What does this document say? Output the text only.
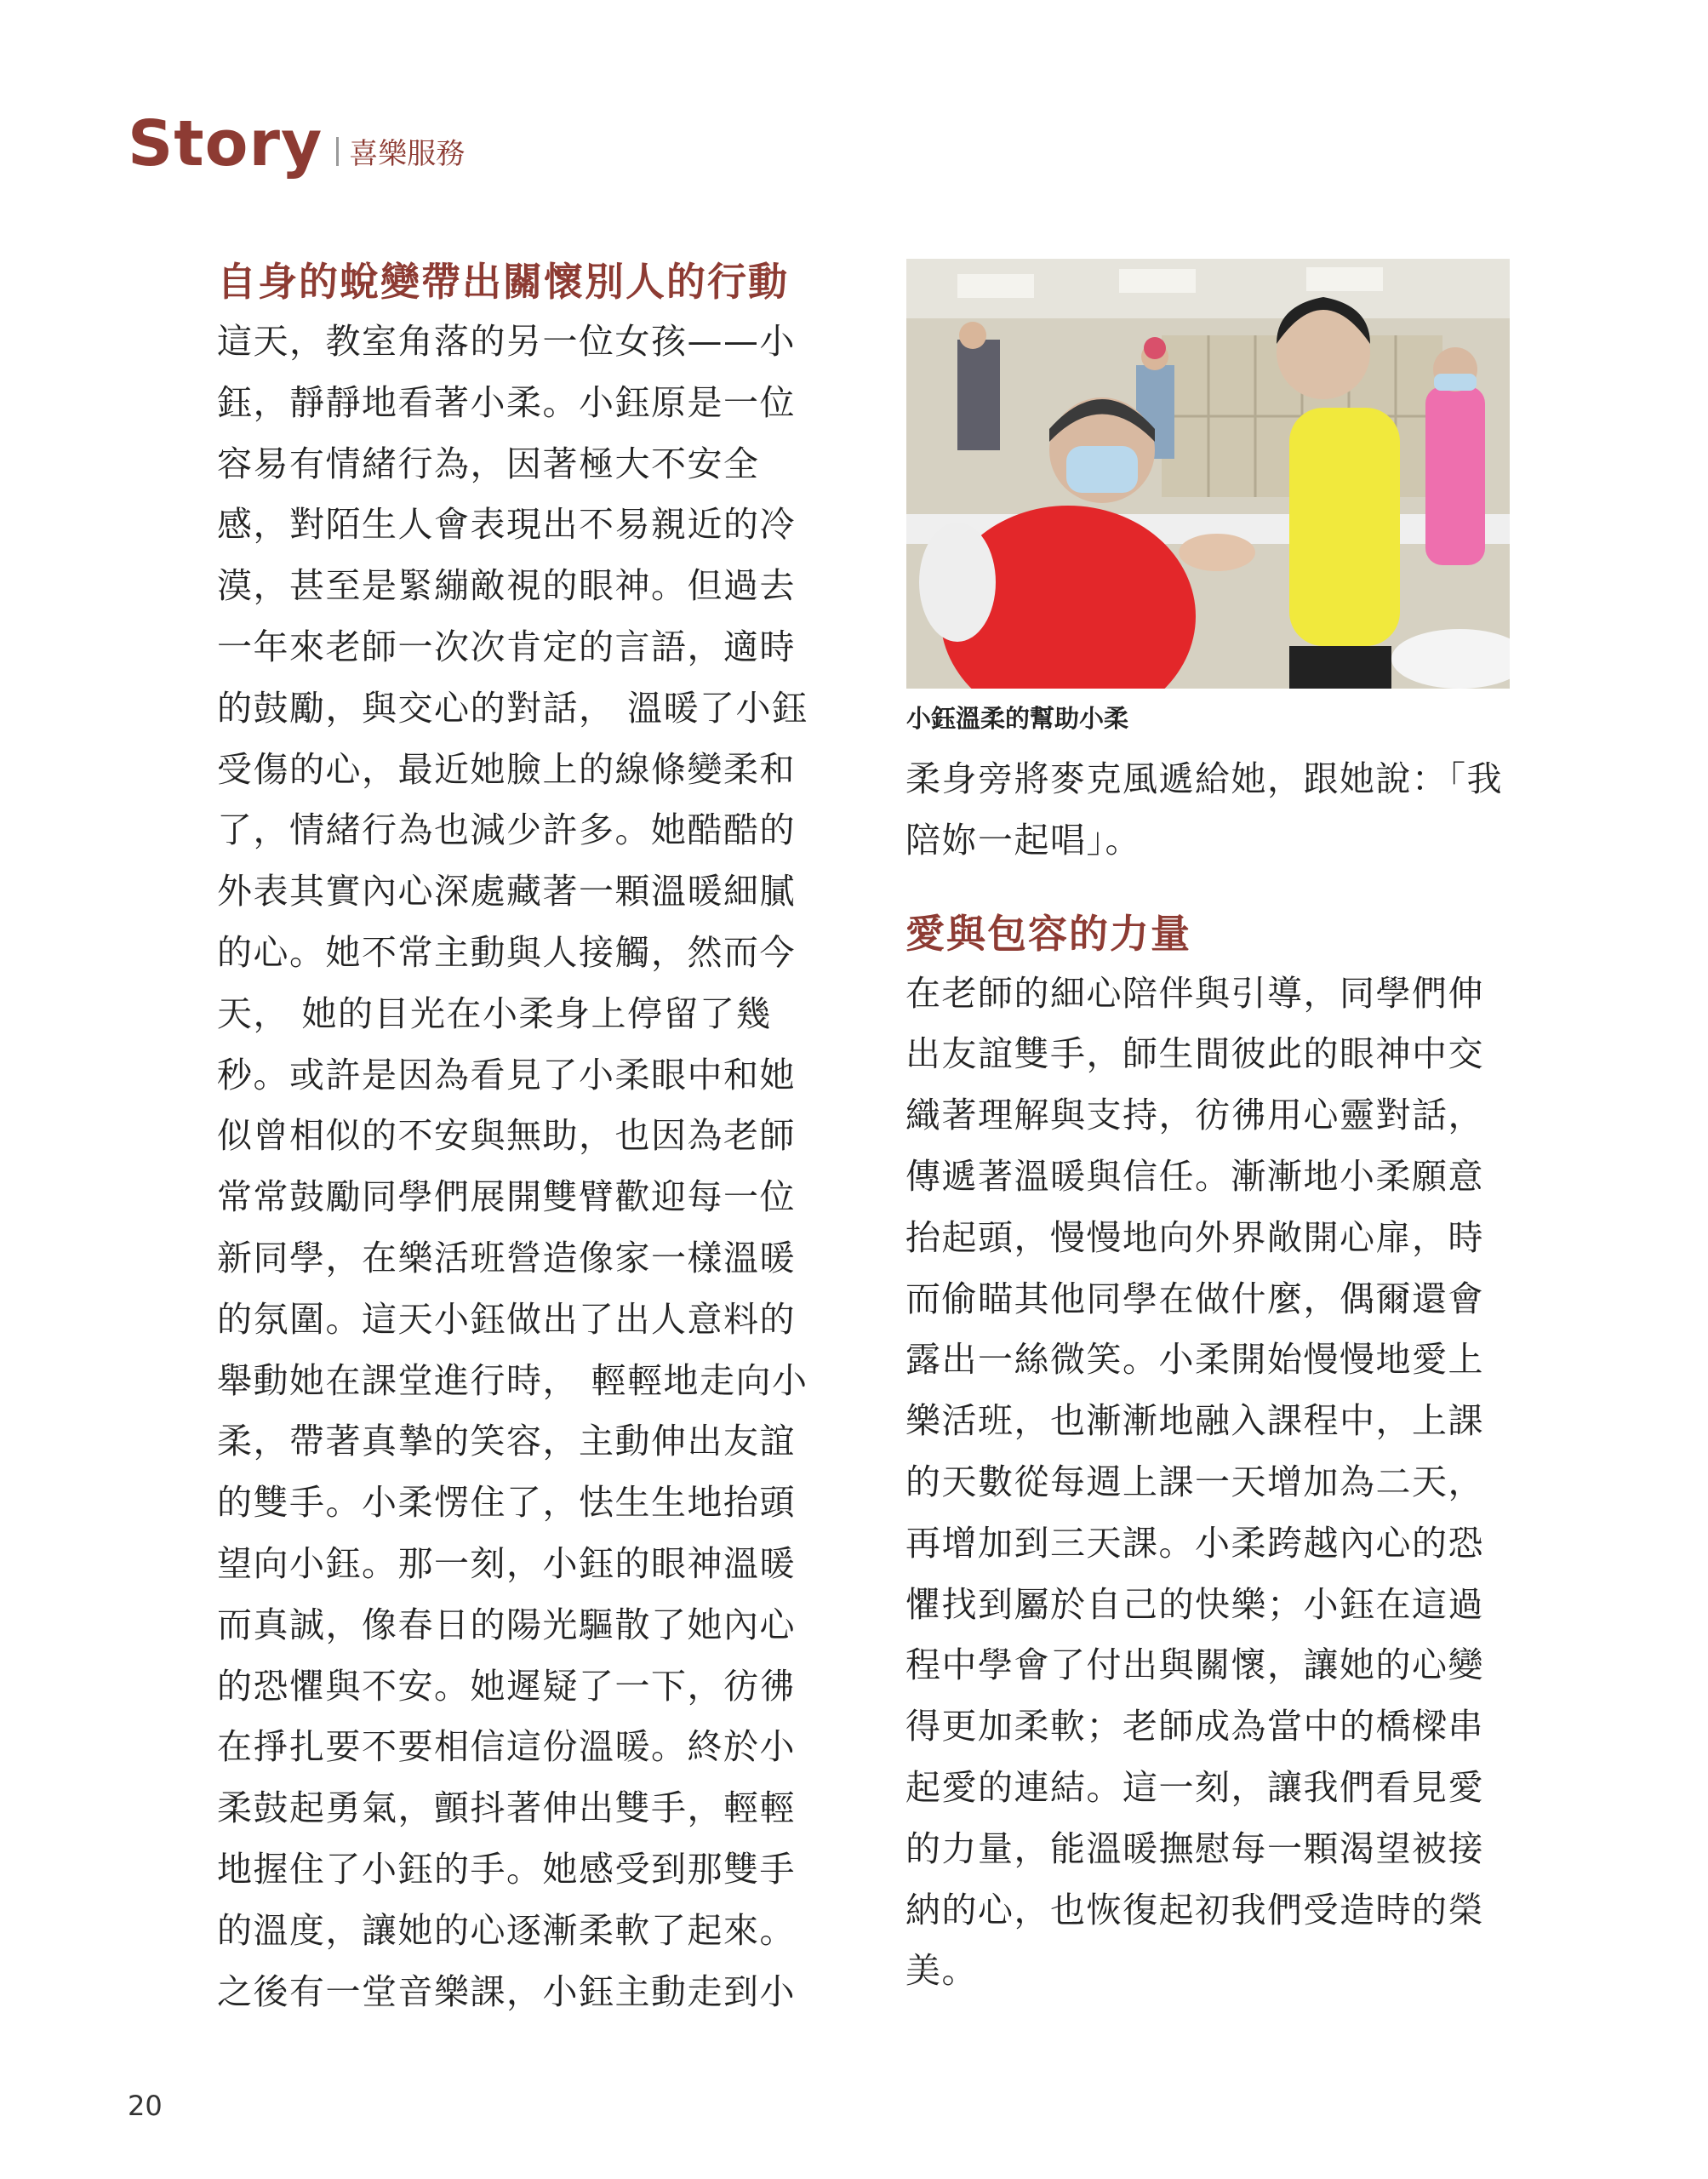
Story 喜樂服務
自身的蛻變帶出關懷別人的行動

這天，教室角落的另一位女孩——小鈺，靜靜地看著小柔。小鈺原是一位容易有情緒行為，因著極大不安全感，對陌生人會表現出不易親近的冷漠，甚至是緊繃敵視的眼神。但過去一年來老師一次次肯定的言語，適時的鼓勵，與交心的對話， 溫暖了小鈺受傷的心，最近她臉上的線條變柔和了，情緒行為也減少許多。她酷酷的外表其實內心深處藏著一顆溫暖細膩的心。她不常主動與人接觸，然而今天， 她的目光在小柔身上停留了幾秒。或許是因為看見了小柔眼中和她似曾相似的不安與無助，也因為老師常常鼓勵同學們展開雙臂歡迎每一位新同學，在樂活班營造像家一樣溫暖的氛圍。這天小鈺做出了出人意料的舉動她在課堂進行時， 輕輕地走向小柔，帶著真摯的笑容，主動伸出友誼的雙手。小柔愣住了，怯生生地抬頭望向小鈺。那一刻，小鈺的眼神溫暖而真誠，像春日的陽光驅散了她內心的恐懼與不安。她遲疑了一下，彷彿在掙扎要不要相信這份溫暖。終於小柔鼓起勇氣，顫抖著伸出雙手，輕輕地握住了小鈺的手。她感受到那雙手的溫度，讓她的心逐漸柔軟了起來。之後有一堂音樂課，小鈺主動走到小

小鈺溫柔的幫助小柔

柔身旁將麥克風遞給她，跟她說：「我陪妳一起唱」。

愛與包容的力量

在老師的細心陪伴與引導，同學們伸出友誼雙手，師生間彼此的眼神中交織著理解與支持，彷彿用心靈對話，傳遞著溫暖與信任。漸漸地小柔願意抬起頭，慢慢地向外界敞開心扉，時而偷瞄其他同學在做什麼，偶爾還會露出一絲微笑。小柔開始慢慢地愛上樂活班，也漸漸地融入課程中，上課的天數從每週上課一天增加為二天，再增加到三天課。小柔跨越內心的恐懼找到屬於自己的快樂；小鈺在這過程中學會了付出與關懷，讓她的心變得更加柔軟；老師成為當中的橋樑串起愛的連結。這一刻，讓我們看見愛的力量，能溫暖撫慰每一顆渴望被接納的心，也恢復起初我們受造時的榮美。

20
